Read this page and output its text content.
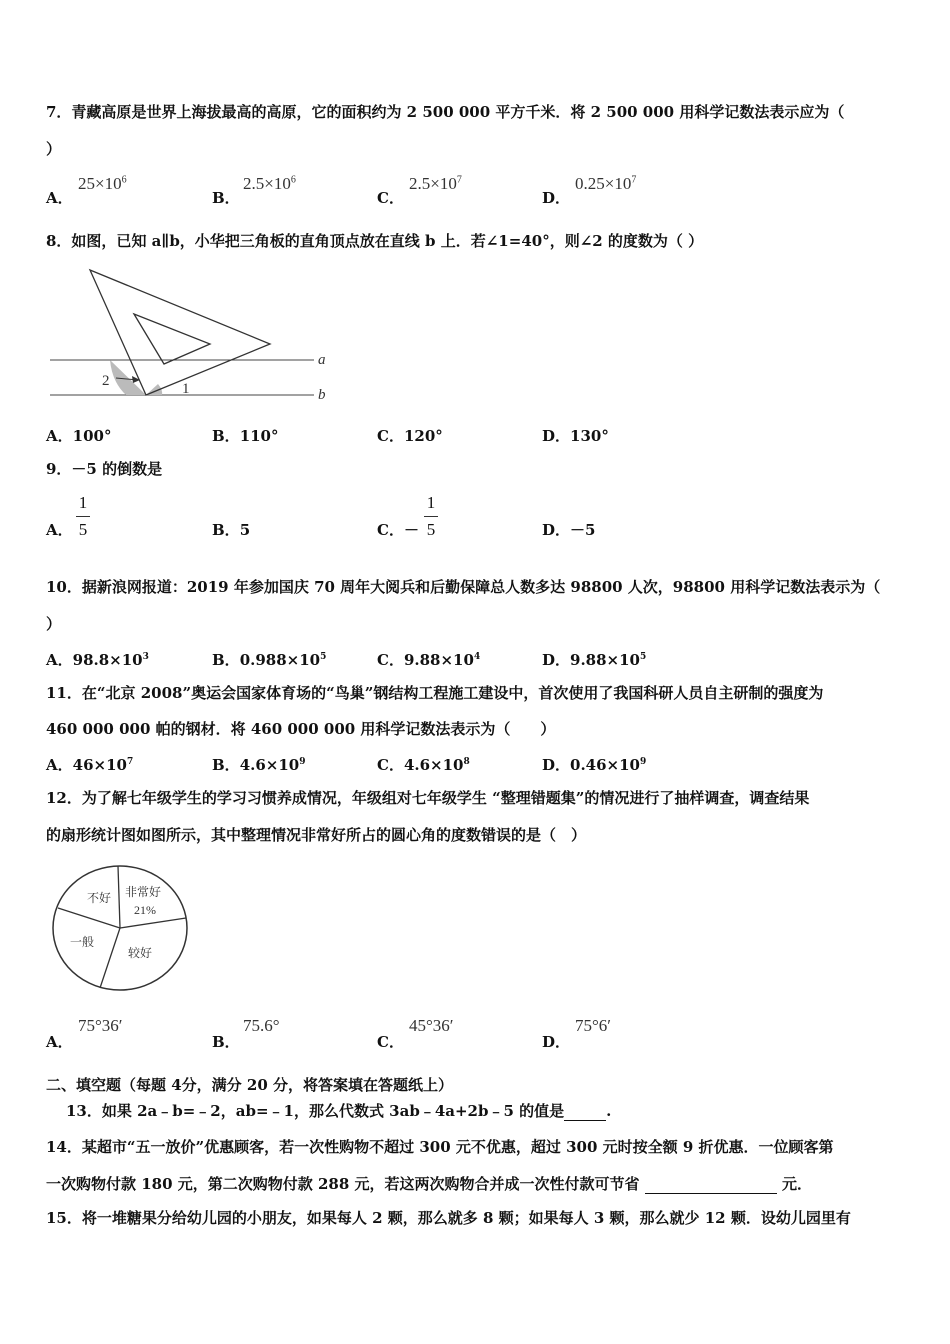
7．青藏高原是世界上海拔最高的高原，它的面积约为 2 500 000 平方千米．将 2 500 000 用科学记数法表示应为（
）
A．
$25\times 10^6$
B．
$2.5\times 10^6$
C．
$2.5\times 10^7$
D．
$0.25\times 10^7$
8．如图，已知 a∥b，小华把三角板的直角顶点放在直线 b 上．若∠1=40°，则∠2 的度数为（ ）
a
b
2	1
A．100°	B．110°	C．120°	D．130°
9．－5 的倒数是
A．
1
5	B．5	C．－
1
5	D．－5
10．据新浪网报道：2019 年参加国庆 70 周年大阅兵和后勤保障总人数多达 98800 人次，98800 用科学记数法表示为（
）
A．$98.8\times 10^3$	B．$0.988\times 10^5$	C．$9.88\times 10^4$	D．$9.88\times 10^5$
11．在“北京 2008”奥运会国家体育场的“鸟巢”钢结构工程施工建设中，首次使用了我国科研人员自主研制的强度为
460 000 000 帕的钢材．将 460 000 000 用科学记数法表示为（　　）
A．$46\times 10^7$	B．$4.6\times 10^9$	C．$4.6\times 10^8$	D．$0.46\times 10^9$
12．为了解七年级学生的学习习惯养成情况，年级组对七年级学生 “整理错题集”的情况进行了抽样调查，调查结果
的扇形统计图如图所示，其中整理情况非常好所占的圆心角的度数错误的是（　）
非常好
21%
不好
一般
较好
A．
75°36′
B．
75.6°
C．
45°36′
D．
75°6′
二、填空题（每题 4分，满分 20 分，将答案填在答题纸上）
13．如果 2a﹣b=﹣2，ab=﹣1，那么代数式 3ab﹣4a+2b﹣5 的值是	.
14．某超市“五一放价”优惠顾客，若一次性购物不超过 300 元不优惠，超过 300 元时按全额 9 折优惠．一位顾客第
一次购物付款 180 元，第二次购物付款 288 元，若这两次购物合并成一次性付款可节省	元．
15．将一堆糖果分给幼儿园的小朋友，如果每人 2 颗，那么就多 8 颗；如果每人 3 颗，那么就少 12 颗．设幼儿园里有
